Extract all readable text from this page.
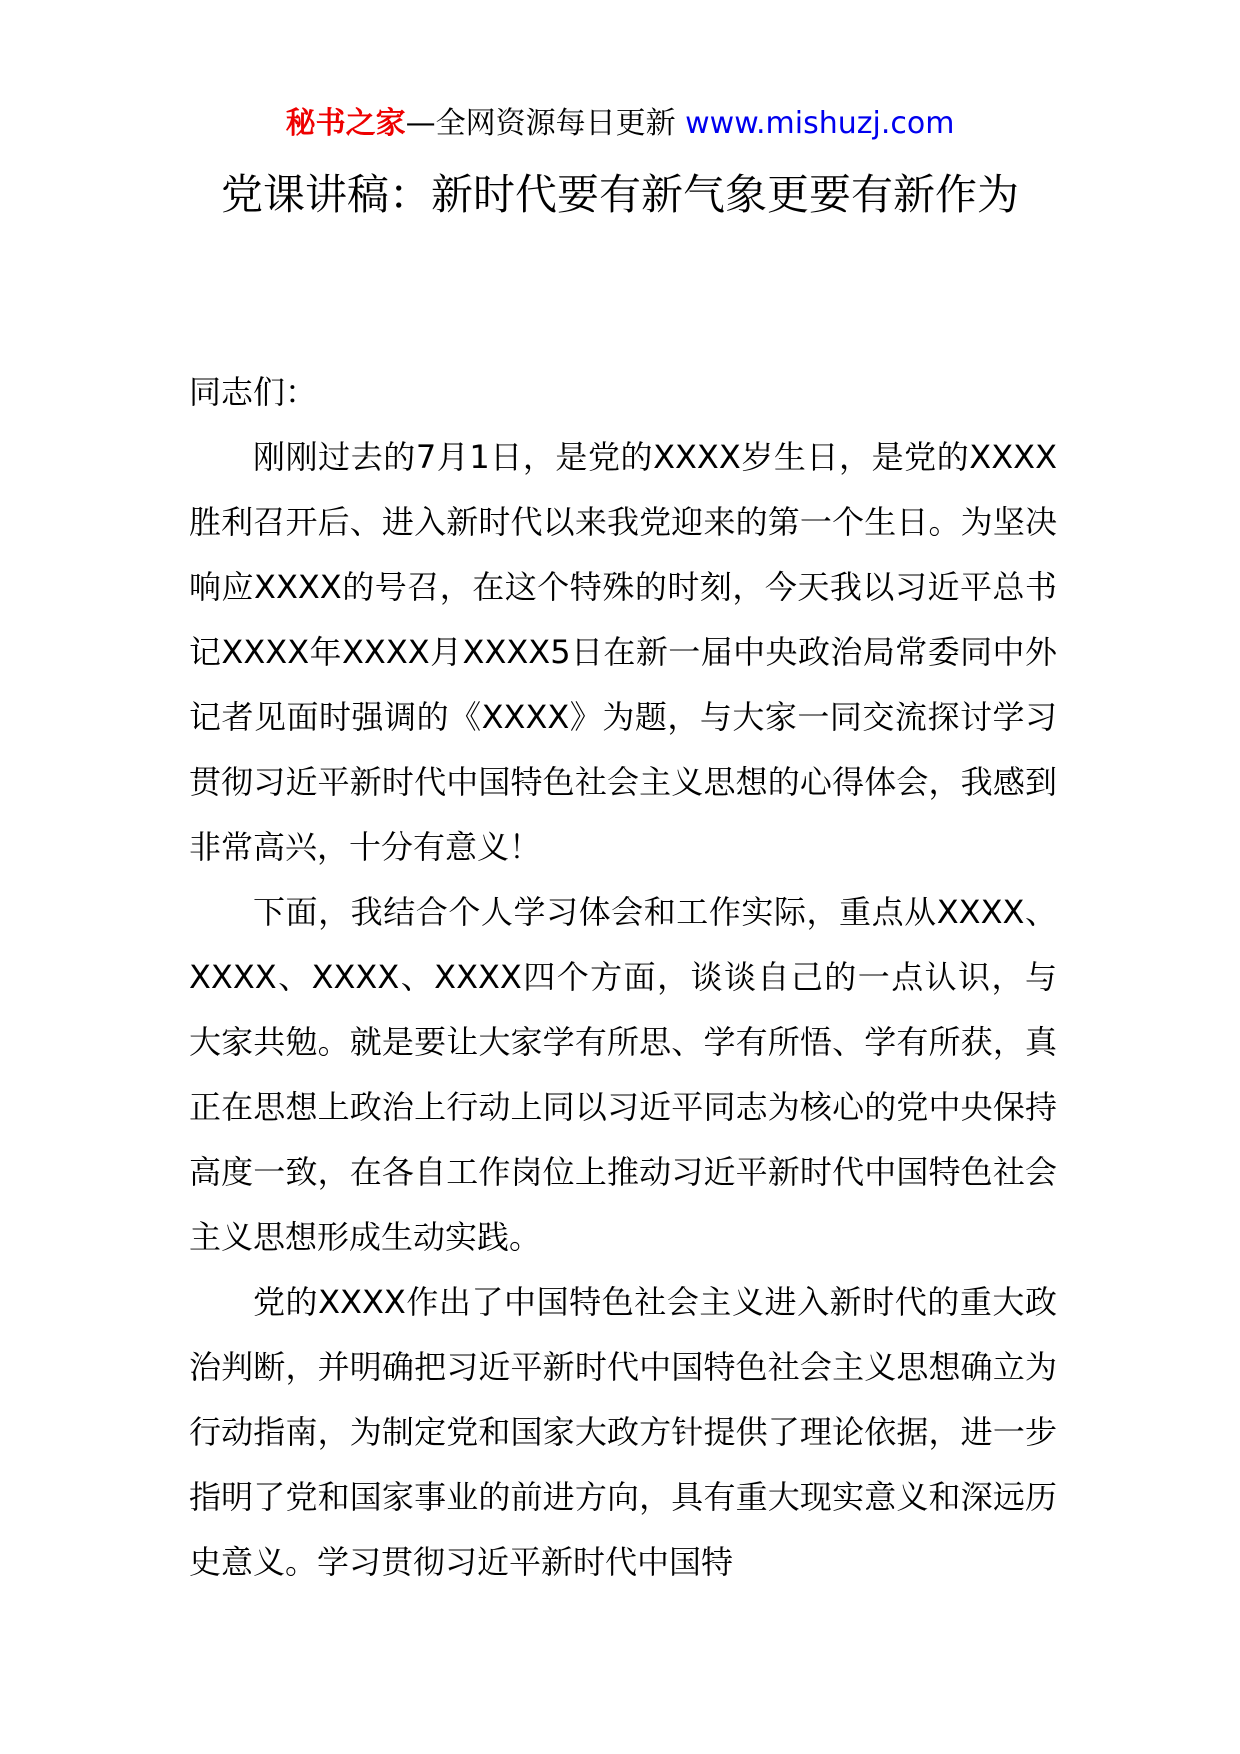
秘书之家—全网资源每日更新 www.mishuzj.com
党课讲稿：新时代要有新气象更要有新作为

同志们：

刚刚过去的7月1日，是党的XXXX岁生日，是党的XXXX胜利召开后、进入新时代以来我党迎来的第一个生日。为坚决响应XXXX的号召，在这个特殊的时刻，今天我以习近平总书记XXXX年XXXX月XXXX5日在新一届中央政治局常委同中外记者见面时强调的《XXXX》为题，与大家一同交流探讨学习贯彻习近平新时代中国特色社会主义思想的心得体会，我感到非常高兴，十分有意义！

下面，我结合个人学习体会和工作实际，重点从XXXX、XXXX、XXXX、XXXX四个方面，谈谈自己的一点认识，与大家共勉。就是要让大家学有所思、学有所悟、学有所获，真正在思想上政治上行动上同以习近平同志为核心的党中央保持高度一致，在各自工作岗位上推动习近平新时代中国特色社会主义思想形成生动实践。

党的XXXX作出了中国特色社会主义进入新时代的重大政治判断，并明确把习近平新时代中国特色社会主义思想确立为行动指南，为制定党和国家大政方针提供了理论依据，进一步指明了党和国家事业的前进方向，具有重大现实意义和深远历史意义。学习贯彻习近平新时代中国特
